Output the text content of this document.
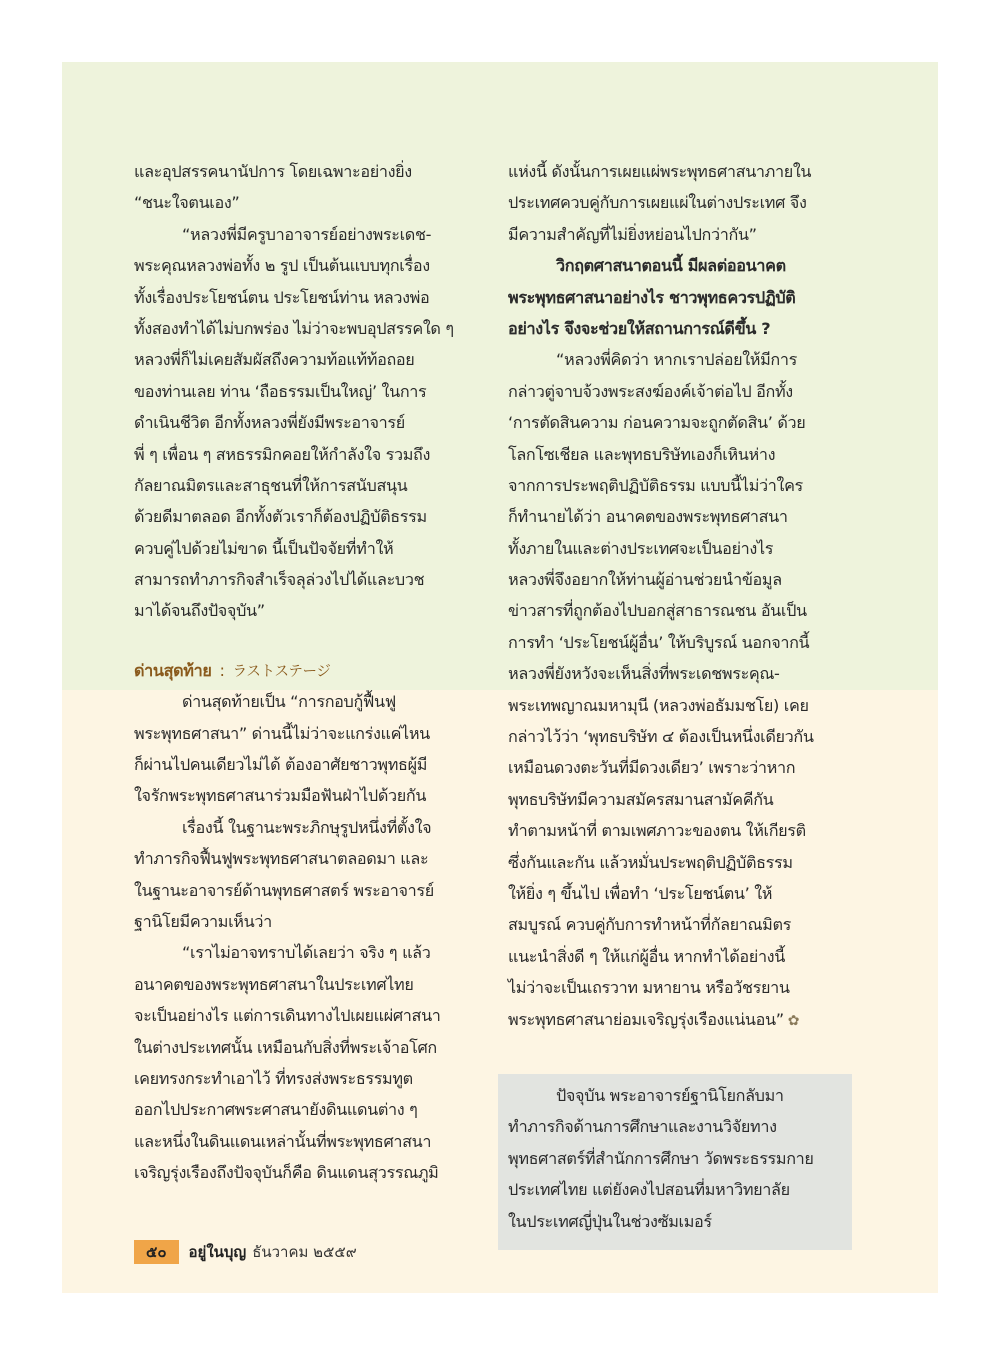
และอุปสรรคนานัปการ โดยเฉพาะอย่างยิ่ง
“ชนะใจตนเอง”

“หลวงพี่มีครูบาอาจารย์อย่างพระเดช-
พระคุณหลวงพ่อทั้ง ๒ รูป เป็นต้นแบบทุกเรื่อง
ทั้งเรื่องประโยชน์ตน ประโยชน์ท่าน หลวงพ่อ
ทั้งสองทำได้ไม่บกพร่อง ไม่ว่าจะพบอุปสรรคใด ๆ
หลวงพี่ก็ไม่เคยสัมผัสถึงความท้อแท้ท้อถอย
ของท่านเลย ท่าน ‘ถือธรรมเป็นใหญ่’ ในการ
ดำเนินชีวิต อีกทั้งหลวงพี่ยังมีพระอาจารย์
พี่ ๆ เพื่อน ๆ สหธรรมิกคอยให้กำลังใจ รวมถึง
กัลยาณมิตรและสาธุชนที่ให้การสนับสนุน
ด้วยดีมาตลอด อีกทั้งตัวเราก็ต้องปฏิบัติธรรม
ควบคู่ไปด้วยไม่ขาด นี้เป็นปัจจัยที่ทำให้
สามารถทำภารกิจสำเร็จลุล่วงไปได้และบวช
มาได้จนถึงปัจจุบัน”

ด่านสุดท้าย : ラストステージ

ด่านสุดท้ายเป็น “การกอบกู้ฟื้นฟู
พระพุทธศาสนา” ด่านนี้ไม่ว่าจะแกร่งแค่ไหน
ก็ผ่านไปคนเดียวไม่ได้ ต้องอาศัยชาวพุทธผู้มี
ใจรักพระพุทธศาสนาร่วมมือฟันฝ่าไปด้วยกัน

เรื่องนี้ ในฐานะพระภิกษุรูปหนึ่งที่ตั้งใจ
ทำภารกิจฟื้นฟูพระพุทธศาสนาตลอดมา และ
ในฐานะอาจารย์ด้านพุทธศาสตร์ พระอาจารย์
ฐานิโยมีความเห็นว่า

“เราไม่อาจทราบได้เลยว่า จริง ๆ แล้ว
อนาคตของพระพุทธศาสนาในประเทศไทย
จะเป็นอย่างไร แต่การเดินทางไปเผยแผ่ศาสนา
ในต่างประเทศนั้น เหมือนกับสิ่งที่พระเจ้าอโศก
เคยทรงกระทำเอาไว้ ที่ทรงส่งพระธรรมทูต
ออกไปประกาศพระศาสนายังดินแดนต่าง ๆ
และหนึ่งในดินแดนเหล่านั้นที่พระพุทธศาสนา
เจริญรุ่งเรืองถึงปัจจุบันก็คือ ดินแดนสุวรรณภูมิ

แห่งนี้ ดังนั้นการเผยแผ่พระพุทธศาสนาภายใน
ประเทศควบคู่กับการเผยแผ่ในต่างประเทศ จึง
มีความสำคัญที่ไม่ยิ่งหย่อนไปกว่ากัน”

วิกฤตศาสนาตอนนี้ มีผลต่ออนาคต
พระพุทธศาสนาอย่างไร ชาวพุทธควรปฏิบัติ
อย่างไร จึงจะช่วยให้สถานการณ์ดีขึ้น ?

“หลวงพี่คิดว่า หากเราปล่อยให้มีการ
กล่าวตู่จาบจ้วงพระสงฆ์องค์เจ้าต่อไป อีกทั้ง
‘การตัดสินความ ก่อนความจะถูกตัดสิน’ ด้วย
โลกโซเชียล และพุทธบริษัทเองก็เหินห่าง
จากการประพฤติปฏิบัติธรรม แบบนี้ไม่ว่าใคร
ก็ทำนายได้ว่า อนาคตของพระพุทธศาสนา
ทั้งภายในและต่างประเทศจะเป็นอย่างไร
หลวงพี่จึงอยากให้ท่านผู้อ่านช่วยนำข้อมูล
ข่าวสารที่ถูกต้องไปบอกสู่สาธารณชน อันเป็น
การทำ ‘ประโยชน์ผู้อื่น’ ให้บริบูรณ์ นอกจากนี้
หลวงพี่ยังหวังจะเห็นสิ่งที่พระเดชพระคุณ-
พระเทพญาณมหามุนี (หลวงพ่อธัมมชโย) เคย
กล่าวไว้ว่า ‘พุทธบริษัท ๔ ต้องเป็นหนึ่งเดียวกัน
เหมือนดวงตะวันที่มีดวงเดียว’ เพราะว่าหาก
พุทธบริษัทมีความสมัครสมานสามัคคีกัน
ทำตามหน้าที่ ตามเพศภาวะของตน ให้เกียรติ
ซึ่งกันและกัน แล้วหมั่นประพฤติปฏิบัติธรรม
ให้ยิ่ง ๆ ขึ้นไป เพื่อทำ ‘ประโยชน์ตน’ ให้
สมบูรณ์ ควบคู่กับการทำหน้าที่กัลยาณมิตร
แนะนำสิ่งดี ๆ ให้แก่ผู้อื่น หากทำได้อย่างนี้
ไม่ว่าจะเป็นเถรวาท มหายาน หรือวัชรยาน
พระพุทธศาสนาย่อมเจริญรุ่งเรืองแน่นอน” ✿

ปัจจุบัน พระอาจารย์ฐานิโยกลับมา
ทำภารกิจด้านการศึกษาและงานวิจัยทาง
พุทธศาสตร์ที่สำนักการศึกษา วัดพระธรรมกาย
ประเทศไทย แต่ยังคงไปสอนที่มหาวิทยาลัย
ในประเทศญี่ปุ่นในช่วงซัมเมอร์
๕๐ อยู่ในบุญ ธันวาคม ๒๕๕๙
